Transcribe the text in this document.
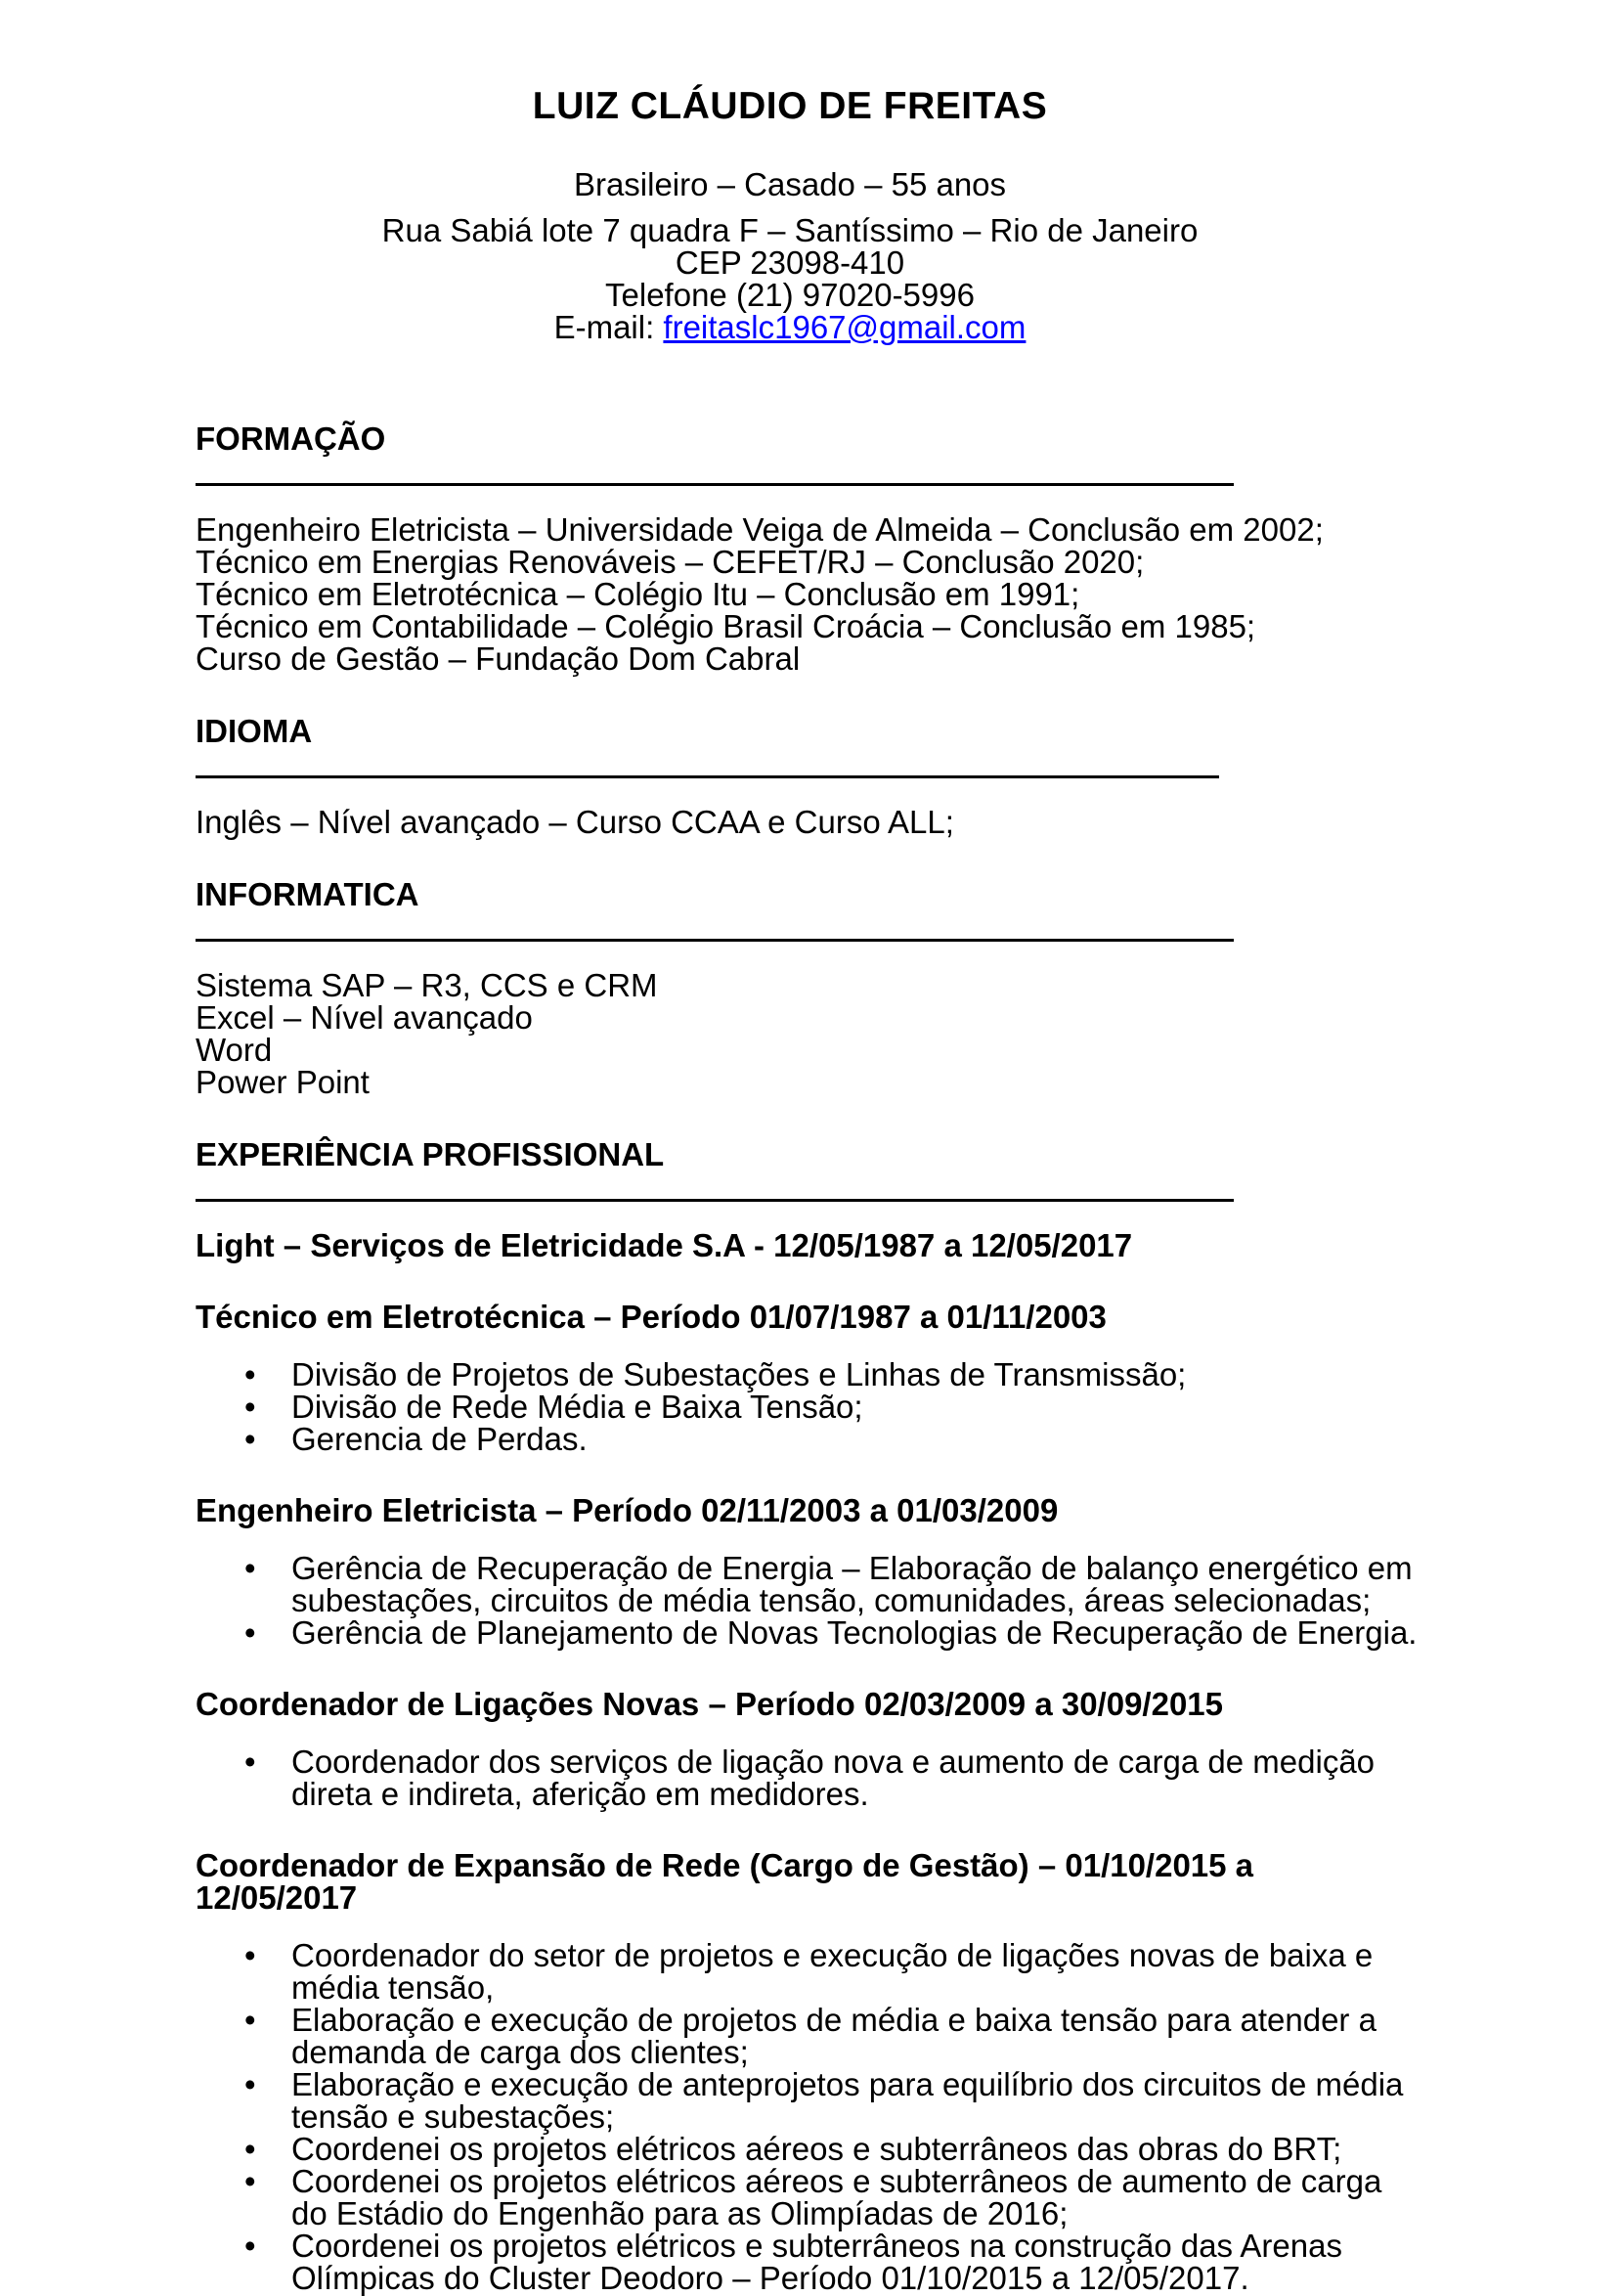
LUIZ CLÁUDIO DE FREITAS

Brasileiro – Casado – 55 anos

Rua Sabiá lote 7 quadra F – Santíssimo – Rio de Janeiro

CEP 23098-410

Telefone (21) 97020-5996

E-mail: freitaslc1967@gmail.com

FORMAÇÃO

Engenheiro Eletricista – Universidade Veiga de Almeida – Conclusão em 2002;

Técnico em Energias Renováveis – CEFET/RJ – Conclusão 2020;

Técnico em Eletrotécnica – Colégio Itu – Conclusão em 1991;

Técnico em Contabilidade – Colégio Brasil Croácia – Conclusão em 1985;

Curso de Gestão – Fundação Dom Cabral

IDIOMA

Inglês – Nível avançado – Curso CCAA e Curso ALL;

INFORMATICA

Sistema SAP – R3, CCS e CRM

Excel – Nível avançado

Word

Power Point

EXPERIÊNCIA PROFISSIONAL

Light – Serviços de Eletricidade S.A - 12/05/1987 a 12/05/2017

Técnico em Eletrotécnica – Período 01/07/1987 a 01/11/2003
• Divisão de Projetos de Subestações e Linhas de Transmissão;
• Divisão de Rede Média e Baixa Tensão;
• Gerencia de Perdas.
Engenheiro Eletricista – Período 02/11/2003 a 01/03/2009
• Gerência de Recuperação de Energia – Elaboração de balanço energético em subestações, circuitos de média tensão, comunidades, áreas selecionadas;
• Gerência de Planejamento de Novas Tecnologias de Recuperação de Energia.
Coordenador de Ligações Novas – Período 02/03/2009 a 30/09/2015
• Coordenador dos serviços de ligação nova e aumento de carga de medição direta e indireta, aferição em medidores.
Coordenador de Expansão de Rede (Cargo de Gestão) – 01/10/2015 a 12/05/2017
• Coordenador do setor de projetos e execução de ligações novas de baixa e média tensão,
• Elaboração e execução de projetos de média e baixa tensão para atender a demanda de carga dos clientes;
• Elaboração e execução de anteprojetos para equilíbrio dos circuitos de média tensão e subestações;
• Coordenei os projetos elétricos aéreos e subterrâneos das obras do BRT;
• Coordenei os projetos elétricos aéreos e subterrâneos de aumento de carga do Estádio do Engenhão para as Olimpíadas de 2016;
• Coordenei os projetos elétricos e subterrâneos na construção das Arenas Olímpicas do Cluster Deodoro – Período 01/10/2015 a 12/05/2017.
